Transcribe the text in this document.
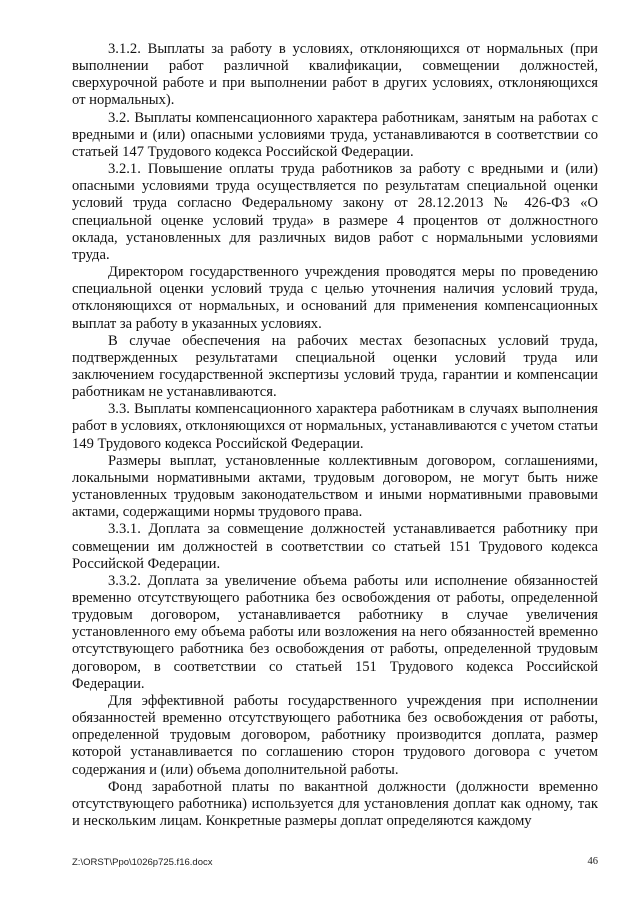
3.1.2. Выплаты за работу в условиях, отклоняющихся от нормальных (при выполнении работ различной квалификации, совмещении должностей, сверхурочной работе и при выполнении работ в других условиях, отклоняющихся от нормальных).

3.2. Выплаты компенсационного характера работникам, занятым на работах с вредными и (или) опасными условиями труда, устанавливаются в соответствии со статьей 147 Трудового кодекса Российской Федерации.

3.2.1. Повышение оплаты труда работников за работу с вредными и (или) опасными условиями труда осуществляется по результатам специальной оценки условий труда согласно Федеральному закону от 28.12.2013 № 426-ФЗ «О специальной оценке условий труда» в размере 4 процентов от должностного оклада, установленных для различных видов работ с нормальными условиями труда.

Директором государственного учреждения проводятся меры по проведению специальной оценки условий труда с целью уточнения наличия условий труда, отклоняющихся от нормальных, и оснований для применения компенсационных выплат за работу в указанных условиях.

В случае обеспечения на рабочих местах безопасных условий труда, подтвержденных результатами специальной оценки условий труда или заключением государственной экспертизы условий труда, гарантии и компенсации работникам не устанавливаются.

3.3. Выплаты компенсационного характера работникам в случаях выполнения работ в условиях, отклоняющихся от нормальных, устанавливаются с учетом статьи 149 Трудового кодекса Российской Федерации.

Размеры выплат, установленные коллективным договором, соглашениями, локальными нормативными актами, трудовым договором, не могут быть ниже установленных трудовым законодательством и иными нормативными правовыми актами, содержащими нормы трудового права.

3.3.1. Доплата за совмещение должностей устанавливается работнику при совмещении им должностей в соответствии со статьей 151 Трудового кодекса Российской Федерации.

3.3.2. Доплата за увеличение объема работы или исполнение обязанностей временно отсутствующего работника без освобождения от работы, определенной трудовым договором, устанавливается работнику в случае увеличения установленного ему объема работы или возложения на него обязанностей временно отсутствующего работника без освобождения от работы, определенной трудовым договором, в соответствии со статьей 151 Трудового кодекса Российской Федерации.

Для эффективной работы государственного учреждения при исполнении обязанностей временно отсутствующего работника без освобождения от работы, определенной трудовым договором, работнику производится доплата, размер которой устанавливается по соглашению сторон трудового договора с учетом содержания и (или) объема дополнительной работы.

Фонд заработной платы по вакантной должности (должности временно отсутствующего работника) используется для установления доплат как одному, так и нескольким лицам. Конкретные размеры доплат определяются каждому

Z:\ORST\Ppo\1026p725.f16.docx	46
